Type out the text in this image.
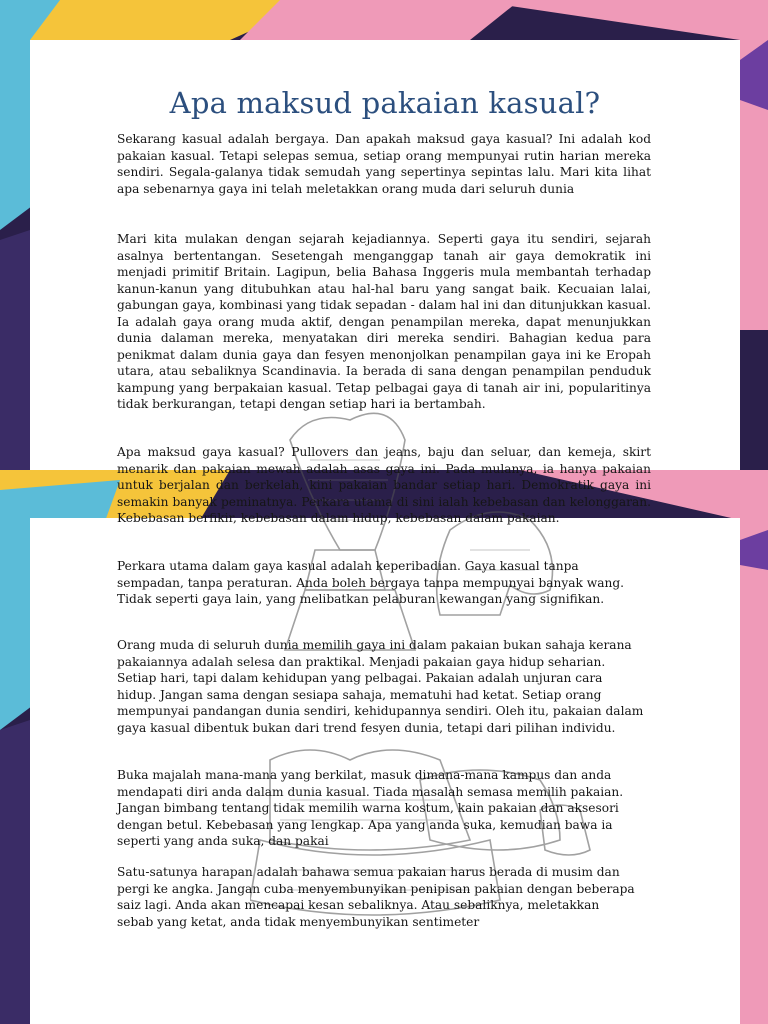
Apa maksud pakaian kasual?
Sekarang kasual adalah bergaya. Dan apakah maksud gaya kasual? Ini adalah kod pakaian kasual. Tetapi selepas semua, setiap orang mempunyai rutin harian mereka sendiri. Segala-galanya tidak semudah yang sepertinya sepintas lalu. Mari kita lihat apa sebenarnya gaya ini telah meletakkan orang muda dari seluruh dunia
Mari kita mulakan dengan sejarah kejadiannya. Seperti gaya itu sendiri, sejarah asalnya bertentangan. Sesetengah menganggap tanah air gaya demokratik ini menjadi primitif Britain. Lagipun, belia Bahasa Inggeris mula membantah terhadap kanun-kanun yang ditubuhkan atau hal-hal baru yang sangat baik. Kecuaian lalai, gabungan gaya, kombinasi yang tidak sepadan - dalam hal ini dan ditunjukkan kasual. Ia adalah gaya orang muda aktif, dengan penampilan mereka, dapat menunjukkan dunia dalaman mereka, menyatakan diri mereka sendiri. Bahagian kedua para penikmat dalam dunia gaya dan fesyen menonjolkan penampilan gaya ini ke Eropah utara, atau sebaliknya Scandinavia. Ia berada di sana dengan penampilan penduduk kampung yang berpakaian kasual. Tetap pelbagai gaya di tanah air ini, popularitinya tidak berkurangan, tetapi dengan setiap hari ia bertambah.
Apa maksud gaya kasual? Pullovers dan jeans, baju dan seluar, dan kemeja, skirt menarik dan pakaian mewah adalah asas gaya ini. Pada mulanya, ia hanya pakaian untuk berjalan dan berkelah, kini pakaian bandar setiap hari. Demokratik gaya ini semakin banyak peminatnya. Perkara utama di sini ialah kebebasan dan kelonggaran. Kebebasan berfikir, kebebasan dalam hidup, kebebasan dalam pakaian.
Perkara utama dalam gaya kasual adalah keperibadian. Gaya kasual tanpa sempadan, tanpa peraturan. Anda boleh bergaya tanpa mempunyai banyak wang. Tidak seperti gaya lain, yang melibatkan pelaburan kewangan yang signifikan.
Orang muda di seluruh dunia memilih gaya ini dalam pakaian bukan sahaja kerana pakaiannya adalah selesa dan praktikal. Menjadi pakaian gaya hidup seharian. Setiap hari, tapi dalam kehidupan yang pelbagai. Pakaian adalah unjuran cara hidup. Jangan sama dengan sesiapa sahaja, mematuhi had ketat. Setiap orang mempunyai pandangan dunia sendiri, kehidupannya sendiri. Oleh itu, pakaian dalam gaya kasual dibentuk bukan dari trend fesyen dunia, tetapi dari pilihan individu.
Buka majalah mana-mana yang berkilat, masuk dimana-mana kampus dan anda mendapati diri anda dalam dunia kasual. Tiada masalah semasa memilih pakaian. Jangan bimbang tentang tidak memilih warna kostum, kain pakaian dan aksesori dengan betul. Kebebasan yang lengkap. Apa yang anda suka, kemudian bawa ia seperti yang anda suka, dan pakai
Satu-satunya harapan adalah bahawa semua pakaian harus berada di musim dan pergi ke angka. Jangan cuba menyembunyikan penipisan pakaian dengan beberapa saiz lagi. Anda akan mencapai kesan sebaliknya. Atau sebaliknya, meletakkan sebab yang ketat, anda tidak menyembunyikan sentimeter
